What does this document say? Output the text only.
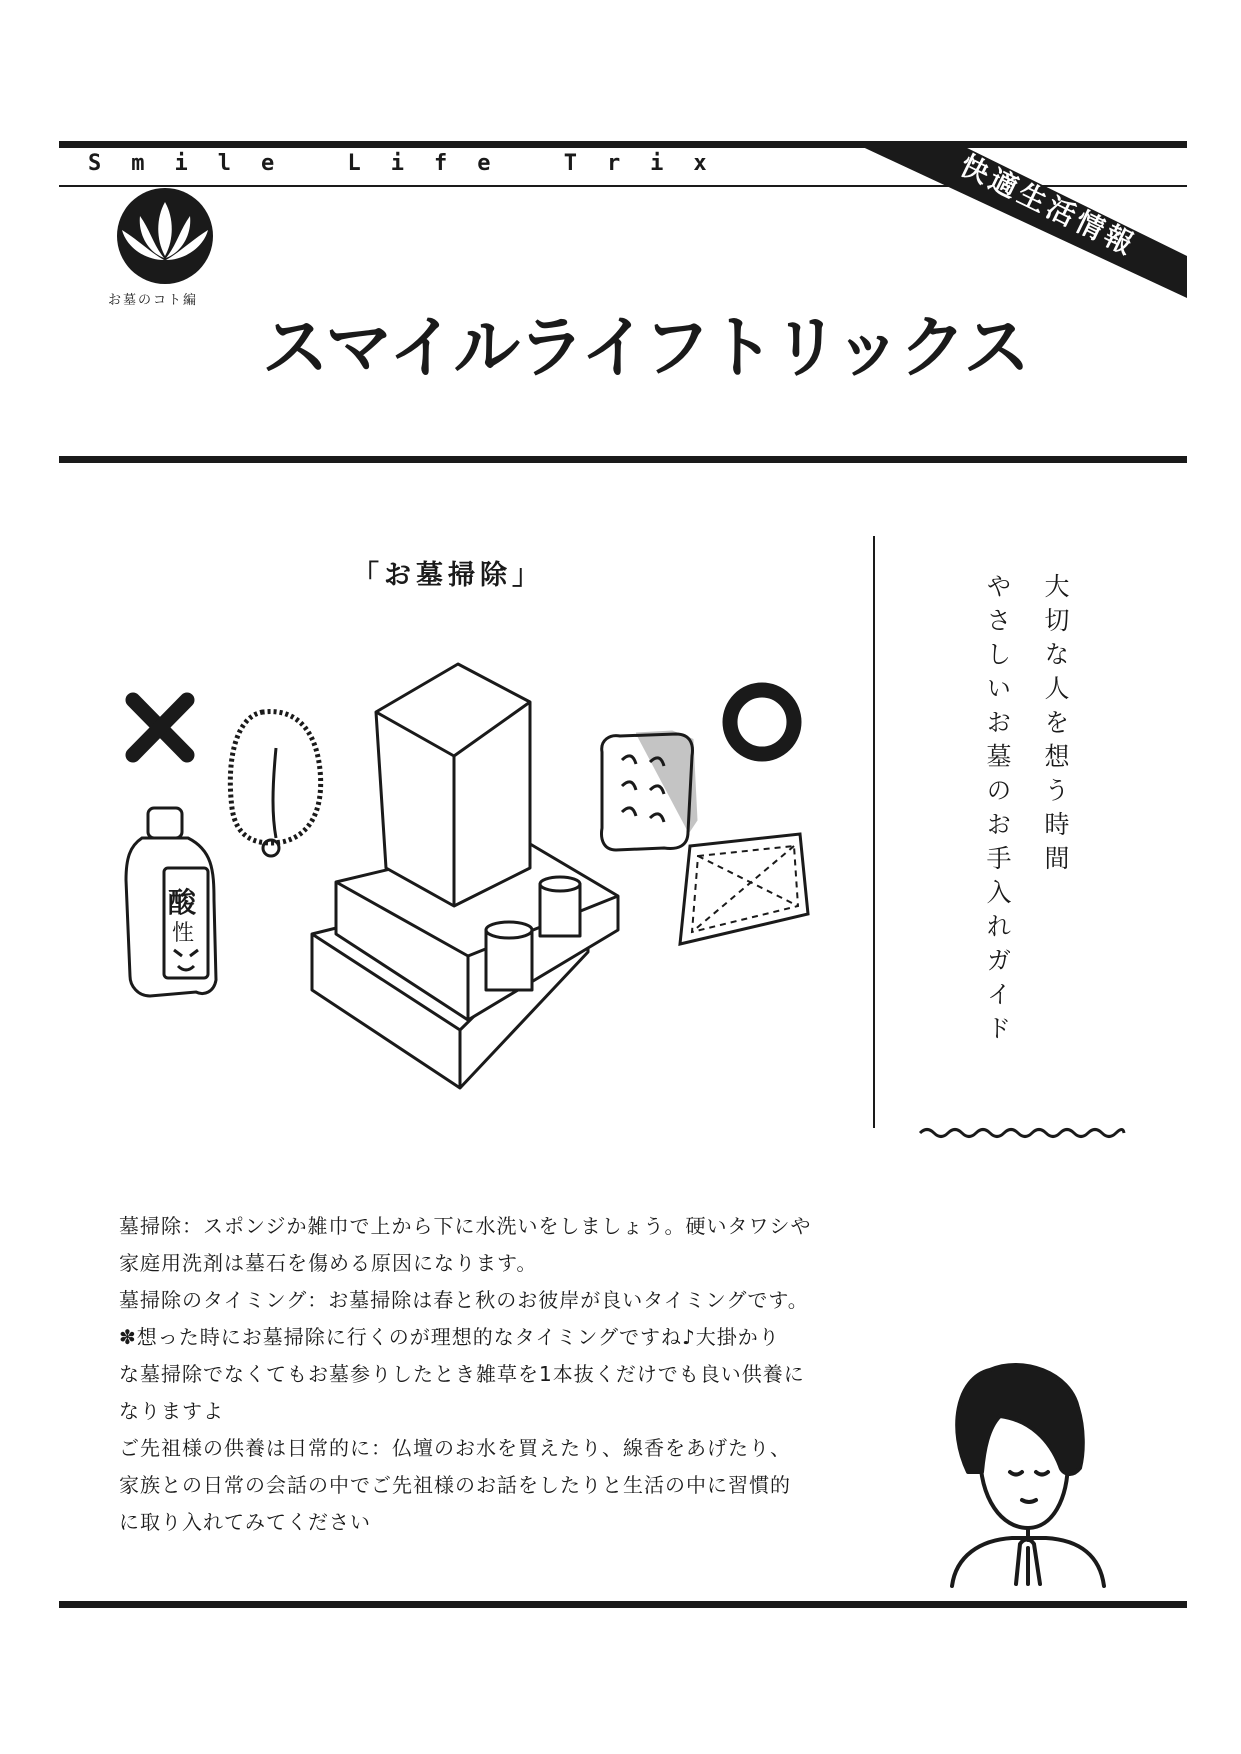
快適生活情報
Smile Life Trix
お墓のコト編
スマイルライフトリックス
「お墓掃除」
酸
性
大切な人を想う時間
やさしいお墓のお手入れガイド

墓掃除：スポンジか雑巾で上から下に水洗いをしましょう。硬いタワシや

家庭用洗剤は墓石を傷める原因になります。

墓掃除のタイミング：お墓掃除は春と秋のお彼岸が良いタイミングです。

✽想った時にお墓掃除に行くのが理想的なタイミングですね♪大掛かり

な墓掃除でなくてもお墓参りしたとき雑草を1本抜くだけでも良い供養に

なりますよ

ご先祖様の供養は日常的に：仏壇のお水を買えたり、線香をあげたり、

家族との日常の会話の中でご先祖様のお話をしたりと生活の中に習慣的

に取り入れてみてください
